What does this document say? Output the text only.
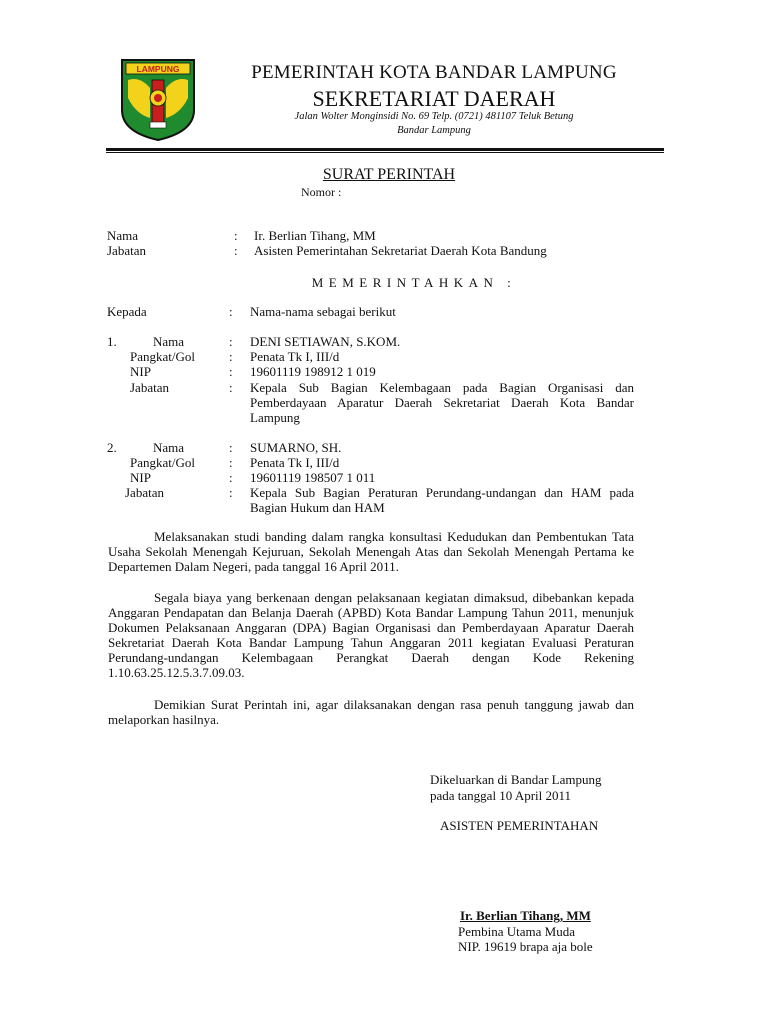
LAMPUNG	PEMERINTAH KOTA BANDAR LAMPUNG
SEKRETARIAT DAERAH
Jalan Wolter Monginsidi No. 69 Telp. (0721) 481107 Teluk Betung
Bandar Lampung
SURAT PERINTAH
Nomor :
Nama	: Ir. Berlian Tihang, MM
Jabatan	: Asisten Pemerintahan Sekretariat Daerah Kota Bandung
MEMERINTAHKAN :
Kepada	: Nama-nama sebagai berikut
1.	Nama	: DENI SETIAWAN, S.KOM.
Pangkat/Gol	: Penata Tk I, III/d
NIP	: 19601119 198912 1 019
Jabatan	: Kepala Sub Bagian Kelembagaan pada Bagian Organisasi dan Pemberdayaan Aparatur Daerah Sekretariat Daerah Kota Bandar Lampung
2.	Nama	: SUMARNO, SH.
Pangkat/Gol	: Penata Tk I, III/d
NIP	: 19601119 198507 1 011
Jabatan	: Kepala Sub Bagian Peraturan Perundang-undangan dan HAM pada Bagian Hukum dan HAM
Melaksanakan studi banding dalam rangka konsultasi Kedudukan dan Pembentukan Tata Usaha Sekolah Menengah Kejuruan, Sekolah Menengah Atas dan Sekolah Menengah Pertama ke Departemen Dalam Negeri, pada tanggal 16 April 2011.
Segala biaya yang berkenaan dengan pelaksanaan kegiatan dimaksud, dibebankan kepada Anggaran Pendapatan dan Belanja Daerah (APBD) Kota Bandar Lampung Tahun 2011, menunjuk Dokumen Pelaksanaan Anggaran (DPA) Bagian Organisasi dan Pemberdayaan Aparatur Daerah Sekretariat Daerah Kota Bandar Lampung Tahun Anggaran 2011 kegiatan Evaluasi Peraturan Perundang-undangan Kelembagaan Perangkat Daerah dengan Kode Rekening 1.10.63.25.12.5.3.7.09.03.
Demikian Surat Perintah ini, agar dilaksanakan dengan rasa penuh tanggung jawab dan melaporkan hasilnya.
Dikeluarkan di Bandar Lampung
pada tanggal 10 April 2011
ASISTEN PEMERINTAHAN
Ir. Berlian Tihang, MM
Pembina Utama Muda
NIP. 19619 brapa aja bole
